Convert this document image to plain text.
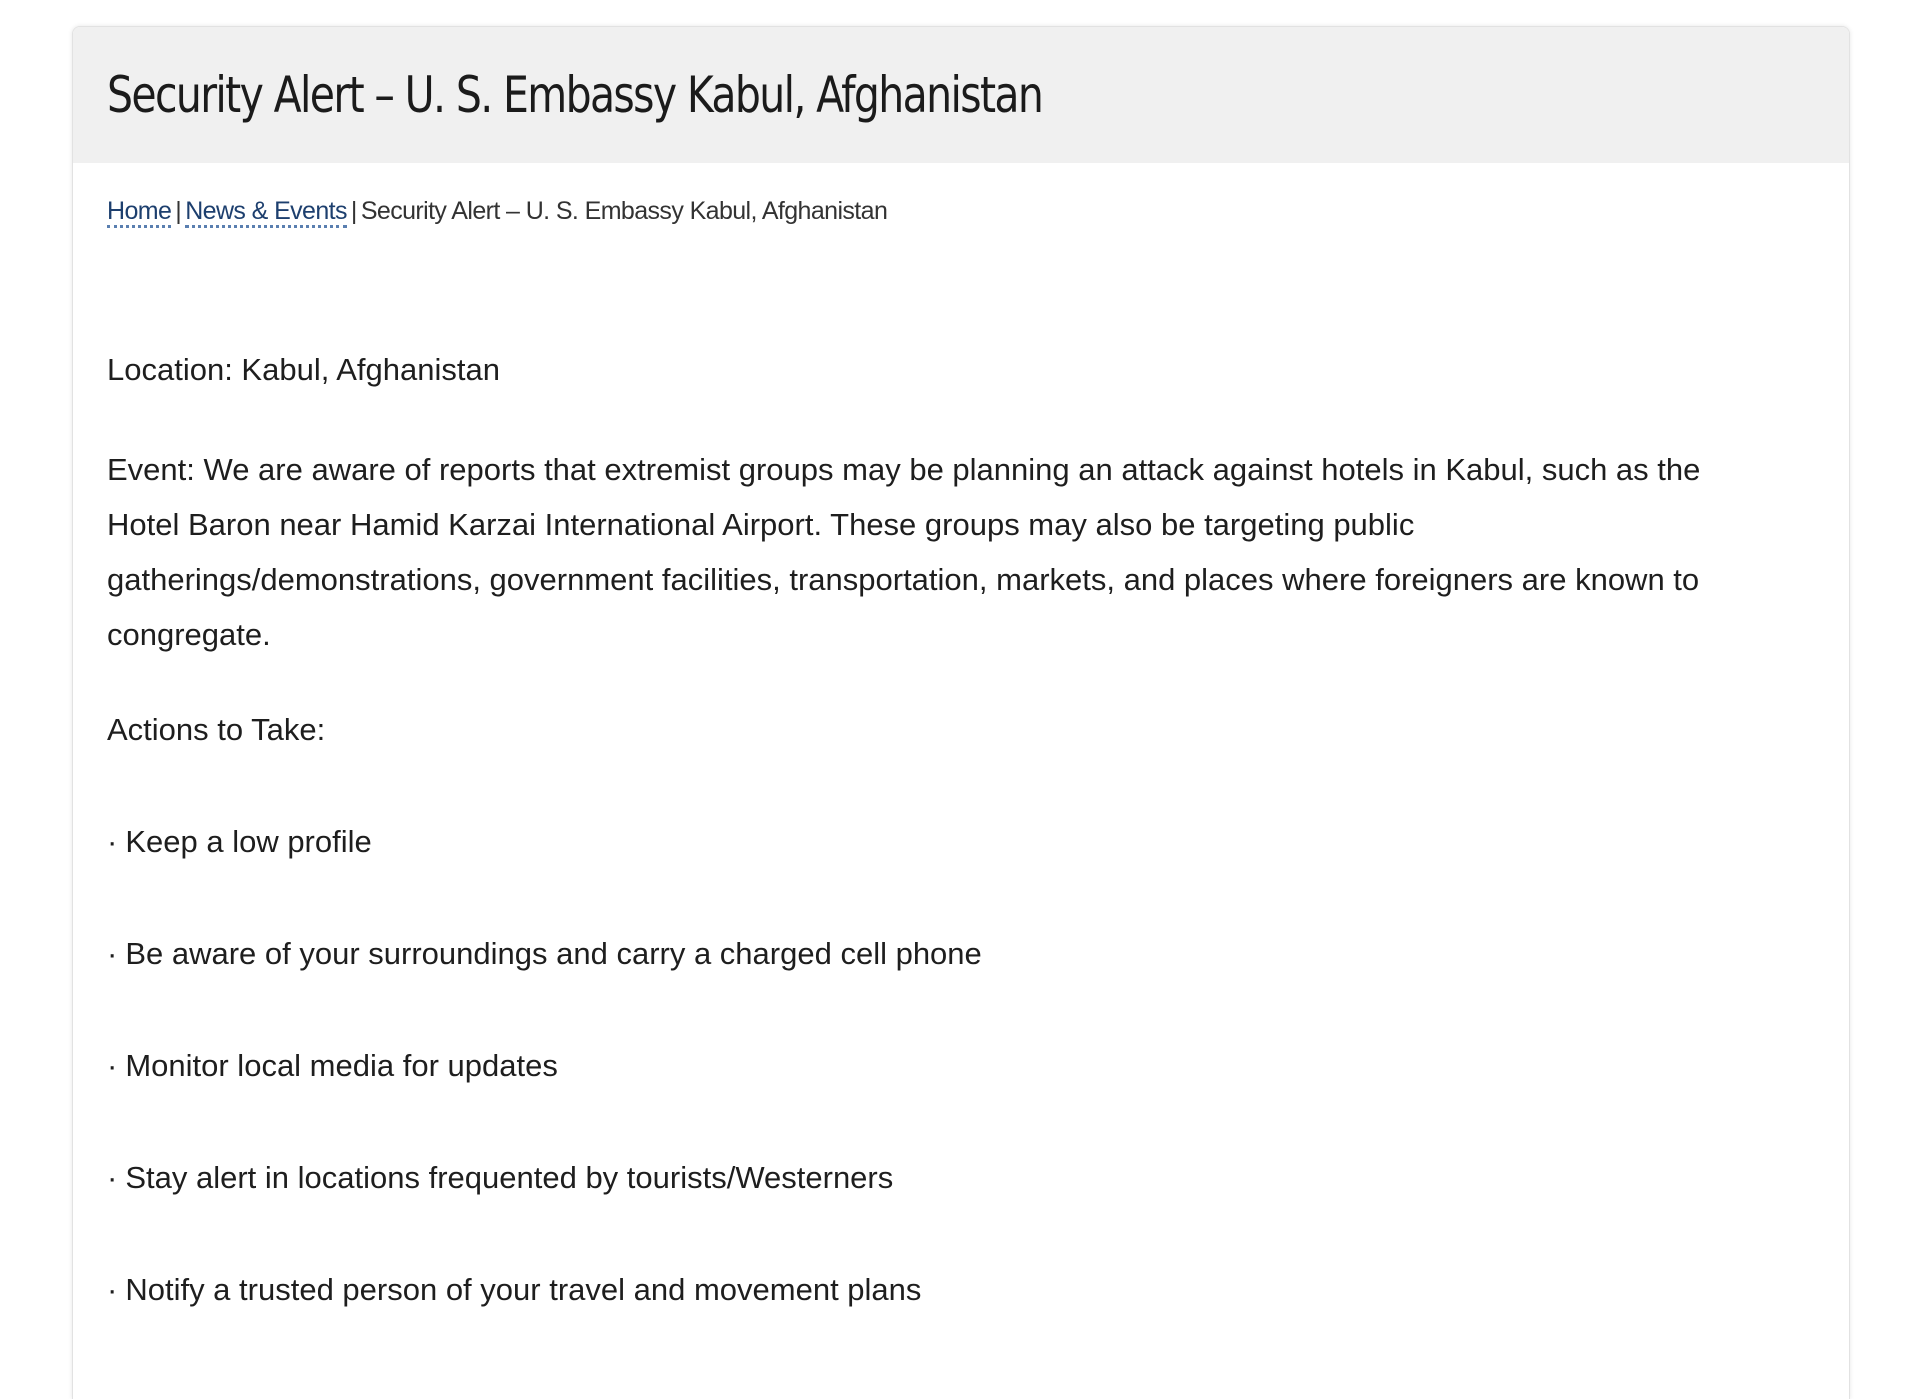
Security Alert – U. S. Embassy Kabul, Afghanistan
Home | News & Events | Security Alert – U. S. Embassy Kabul, Afghanistan

Location: Kabul, Afghanistan

Event: We are aware of reports that extremist groups may be planning an attack against hotels in Kabul, such as the Hotel Baron near Hamid Karzai International Airport. These groups may also be targeting public gatherings/demonstrations, government facilities, transportation, markets, and places where foreigners are known to congregate.

Actions to Take:

· Keep a low profile
· Be aware of your surroundings and carry a charged cell phone
· Monitor local media for updates
· Stay alert in locations frequented by tourists/Westerners
· Notify a trusted person of your travel and movement plans
